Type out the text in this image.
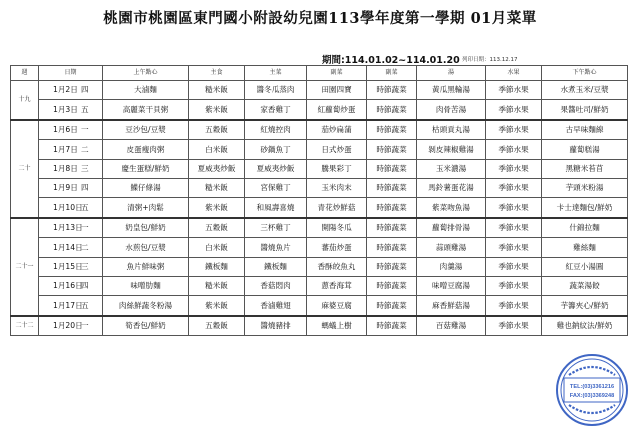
桃園市桃園區東門國小附設幼兒園113學年度第一學期 01月菜單
期間:114.01.02~114.01.20 列印日期：113.12.17
週	日期	上午點心	主食	主菜	副菜	副菜	湯	水果	下午點心
十九	1月2日 四	大滷麵	糙米飯	醬冬瓜蒸肉	田園四寶	時節蔬菜	黃瓜黑輪湯	季節水果	水煮玉米/豆漿
	1月3日 五	高麗菜干貝粥	紫米飯	家香雞丁	紅蘿蔔炒蛋	時節蔬菜	肉骨苦湯	季節水果	果醬吐司/鮮奶
二十	1月6日 一	豆沙包/豆漿	五穀飯	紅燒控肉	茄炒扁蒲	時節蔬菜	枯頭貢丸湯	季節水果	古早味麵線
	1月7日 二	皮蛋瘦肉粥	白米飯	砂鍋魚丁	日式炒蛋	時節蔬菜	剝皮辣椒雞湯	季節水果	蘿蔔糕湯
	1月8日 三	慶生蛋糕/鮮奶	夏威夷炒飯	夏威夷炒飯	騰果彩丁	時節蔬菜	玉米濃湯	季節水果	黑糖米苔苜
	1月9日 四	鰈仔條湯	糙米飯	宮保雞丁	玉米肉末	時節蔬菜	馬鈴薯蛋花湯	季節水果	芋頭米粉湯
	1月10日五	清粥+肉鬆	紫米飯	和風壽喜燒	青花炒鮮菇	時節蔬菜	紫菜吻魚湯	季節水果	卡士達麵包/鮮奶
二十一	1月13日一	奶皇包/鮮奶	五穀飯	三杯雞丁	開陽冬瓜	時節蔬菜	蘿蔔排骨湯	季節水果	什錦拉麵
	1月14日二	水煎包/豆漿	白米飯	醬燒魚片	蕃茄炒蛋	時節蔬菜	蒜頭雞湯	季節水果	雞絲麵
	1月15日三	魚片鮮味粥	鐵板麵	鐵板麵	香酥皎魚丸	時節蔬菜	肉羹湯	季節水果	紅豆小湯圓
	1月16日四	味噌肋麵	糙米飯	香菇悶肉	蔥香海茸	時節蔬菜	味噌豆腐湯	季節水果	蔬菜湯餃
	1月17日五	肉絲鮮蔬冬粉湯	紫米飯	香滷雞翅	麻婆豆腐	時節蔬菜	麻香鮮菇湯	季節水果	芋籌夾心/鮮奶
二十二	1月20日一	筍香包/鮮奶	五穀飯	醬燒豬排	螞蟻上樹	時節蔬菜	百菇雞湯	季節水果	雞也鈉紋法/鮮奶
TEL:(03)3361216
FAX:(03)3369248
